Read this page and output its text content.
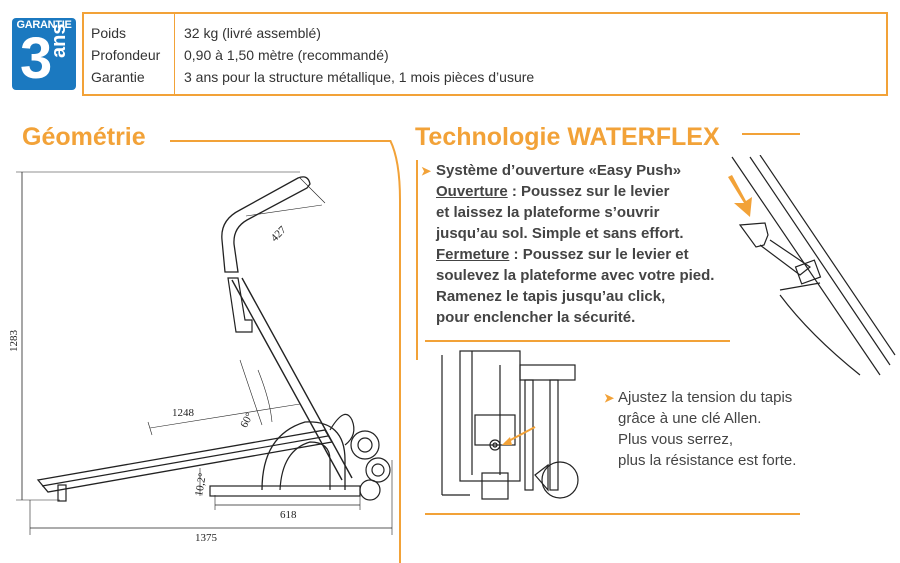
GARANTIE
3
ans Poids	32 kg (livré assemblé)
Profondeur 0,90 à 1,50 mètre (recommandé)
Garantie	3 ans pour la structure métallique, 1 mois pièces d’usure
Géométrie
1283
427
1248	60°
10,2°
618
1375
Technologie WATERFLEX
➤ Système d’ouverture «Easy Push»
Ouverture : Poussez sur le levier
et laissez la plateforme s’ouvrir
jusqu’au sol. Simple et sans effort.
Fermeture : Poussez sur le levier et
soulevez la plateforme avec votre pied.
Ramenez le tapis jusqu’au click,
pour enclencher la sécurité.
➤ Ajustez la tension du tapis
grâce à une clé Allen.
Plus vous serrez,
plus la résistance est forte.
